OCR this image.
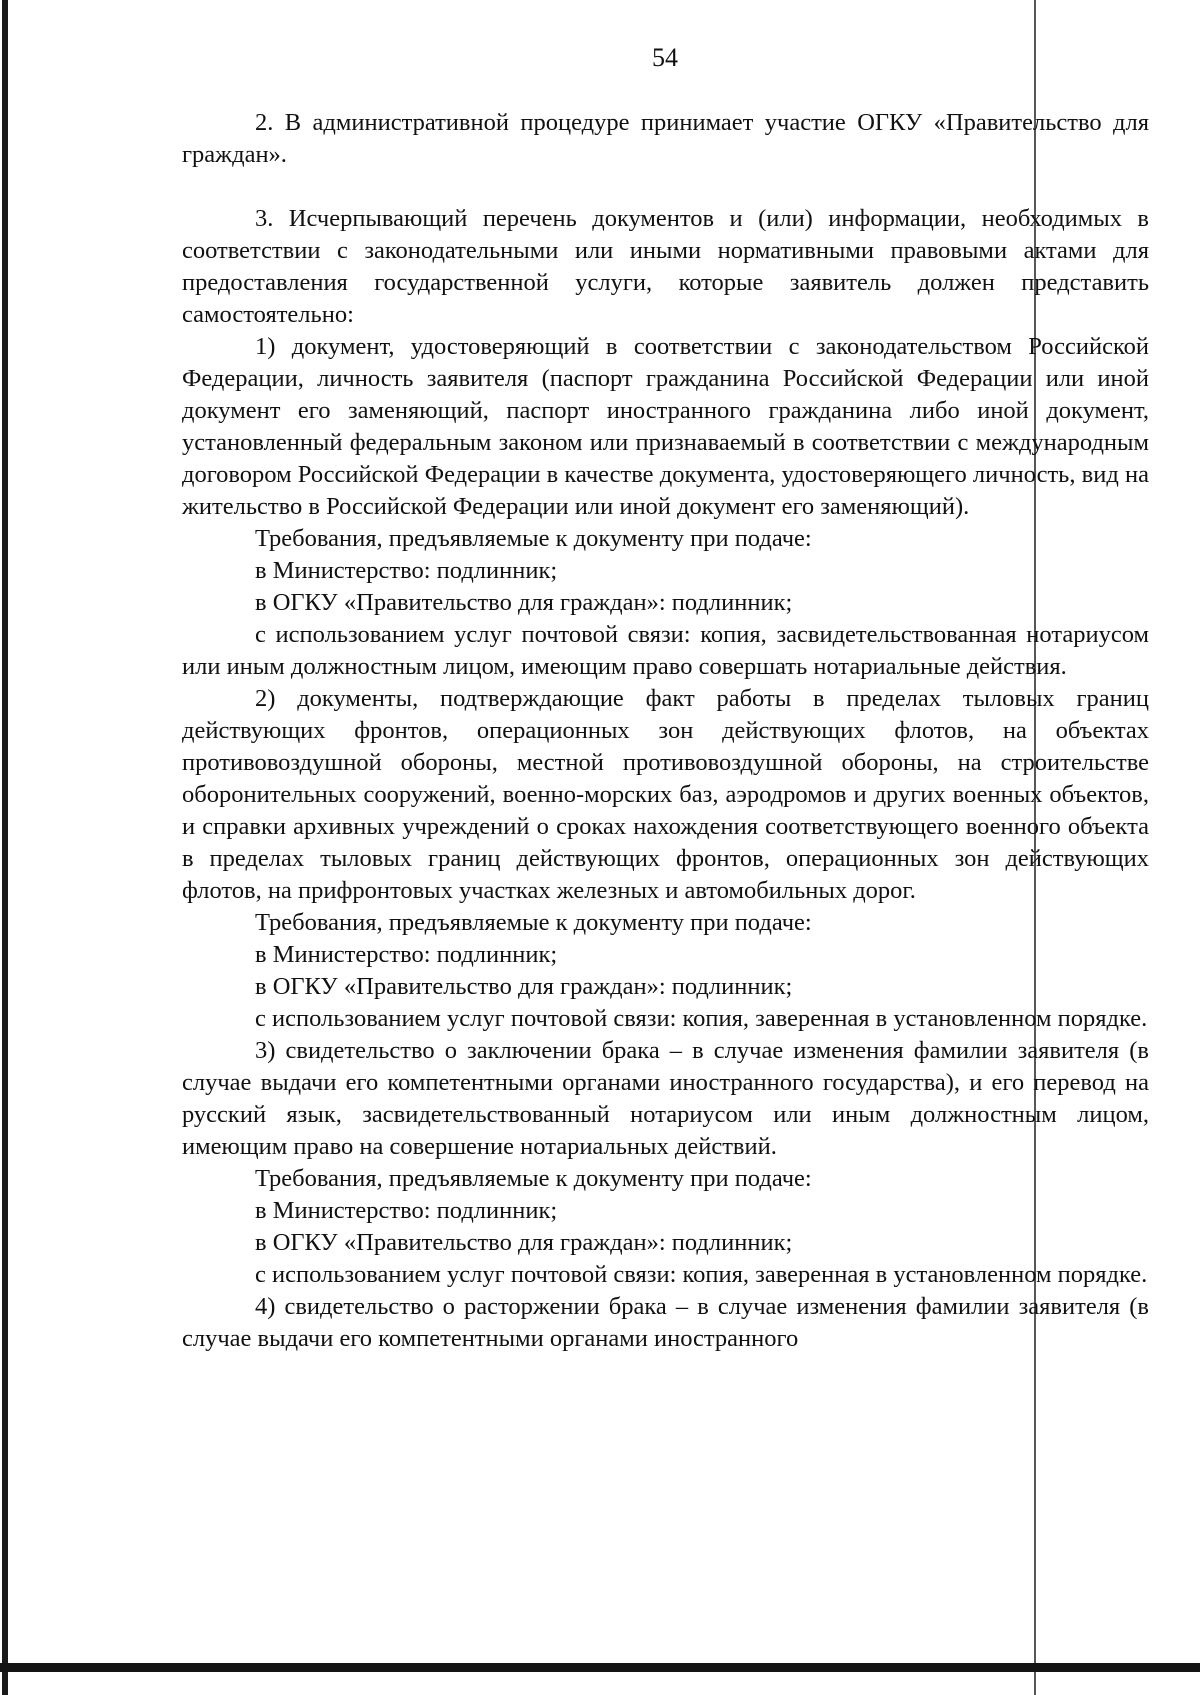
54

2. В административной процедуре принимает участие ОГКУ «Правительство для граждан».

3. Исчерпывающий перечень документов и (или) информации, необходимых в соответствии с законодательными или иными нормативными правовыми актами для предоставления государственной услуги, которые заявитель должен представить самостоятельно:

1) документ, удостоверяющий в соответствии с законодательством Российской Федерации, личность заявителя (паспорт гражданина Российской Федерации или иной документ его заменяющий, паспорт иностранного гражданина либо иной документ, установленный федеральным законом или признаваемый в соответствии с международным договором Российской Федерации в качестве документа, удостоверяющего личность, вид на жительство в Российской Федерации или иной документ его заменяющий).

Требования, предъявляемые к документу при подаче:

в Министерство: подлинник;

в ОГКУ «Правительство для граждан»: подлинник;

с использованием услуг почтовой связи: копия, засвидетельствованная нотариусом или иным должностным лицом, имеющим право совершать нотариальные действия.

2) документы, подтверждающие факт работы в пределах тыловых границ действующих фронтов, операционных зон действующих флотов, на объектах противовоздушной обороны, местной противовоздушной обороны, на строительстве оборонительных сооружений, военно-морских баз, аэродромов и других военных объектов, и справки архивных учреждений о сроках нахождения соответствующего военного объекта в пределах тыловых границ действующих фронтов, операционных зон действующих флотов, на прифронтовых участках железных и автомобильных дорог.

Требования, предъявляемые к документу при подаче:

в Министерство: подлинник;

в ОГКУ «Правительство для граждан»: подлинник;

с использованием услуг почтовой связи: копия, заверенная в установленном порядке.

3) свидетельство о заключении брака – в случае изменения фамилии заявителя (в случае выдачи его компетентными органами иностранного государства), и его перевод на русский язык, засвидетельствованный нотариусом или иным должностным лицом, имеющим право на совершение нотариальных действий.

Требования, предъявляемые к документу при подаче:

в Министерство: подлинник;

в ОГКУ «Правительство для граждан»: подлинник;

с использованием услуг почтовой связи: копия, заверенная в установленном порядке.

4) свидетельство о расторжении брака – в случае изменения фамилии заявителя (в случае выдачи его компетентными органами иностранного
